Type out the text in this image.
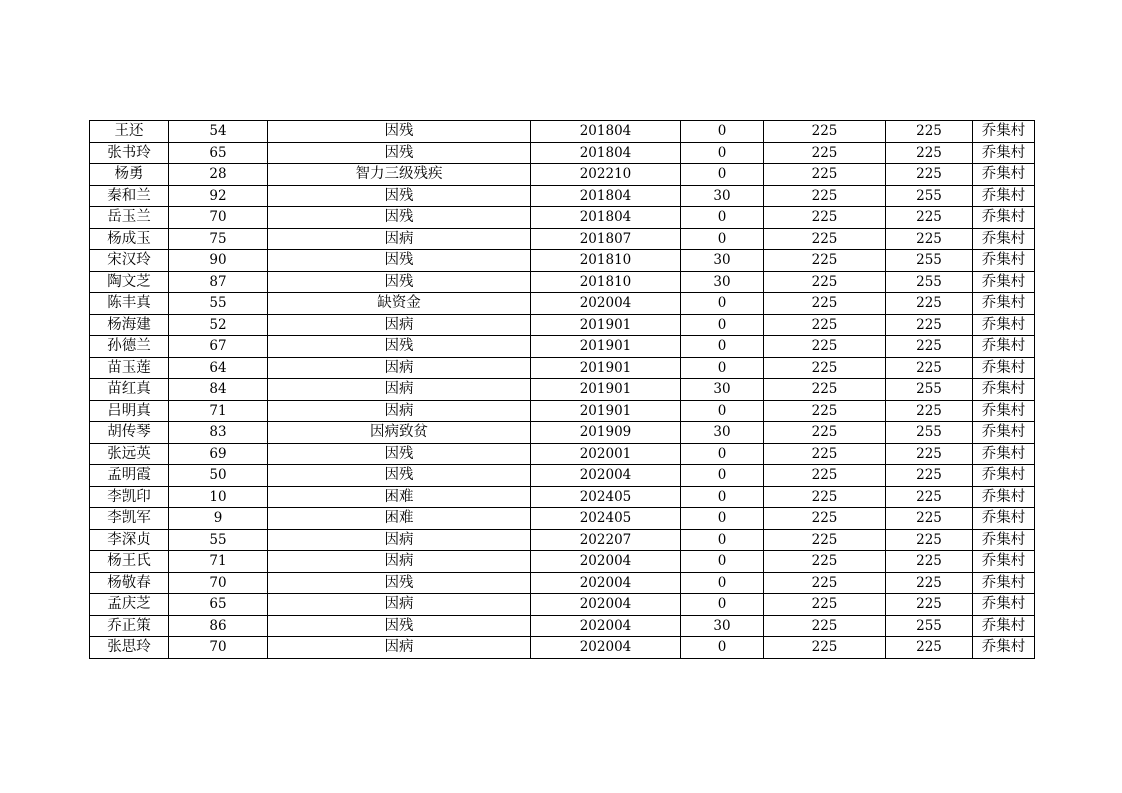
王还	54	因残	201804	0	225	225	乔集村
张书玲	65	因残	201804	0	225	225	乔集村
杨勇	28	智力三级残疾	202210	0	225	225	乔集村
秦和兰	92	因残	201804	30	225	255	乔集村
岳玉兰	70	因残	201804	0	225	225	乔集村
杨成玉	75	因病	201807	0	225	225	乔集村
宋汉玲	90	因残	201810	30	225	255	乔集村
陶文芝	87	因残	201810	30	225	255	乔集村
陈丰真	55	缺资金	202004	0	225	225	乔集村
杨海建	52	因病	201901	0	225	225	乔集村
孙德兰	67	因残	201901	0	225	225	乔集村
苗玉莲	64	因病	201901	0	225	225	乔集村
苗红真	84	因病	201901	30	225	255	乔集村
吕明真	71	因病	201901	0	225	225	乔集村
胡传琴	83	因病致贫	201909	30	225	255	乔集村
张远英	69	因残	202001	0	225	225	乔集村
孟明霞	50	因残	202004	0	225	225	乔集村
李凯印	10	困难	202405	0	225	225	乔集村
李凯军	9	困难	202405	0	225	225	乔集村
李深贞	55	因病	202207	0	225	225	乔集村
杨王氏	71	因病	202004	0	225	225	乔集村
杨敬春	70	因残	202004	0	225	225	乔集村
孟庆芝	65	因病	202004	0	225	225	乔集村
乔正策	86	因残	202004	30	225	255	乔集村
张思玲	70	因病	202004	0	225	225	乔集村
